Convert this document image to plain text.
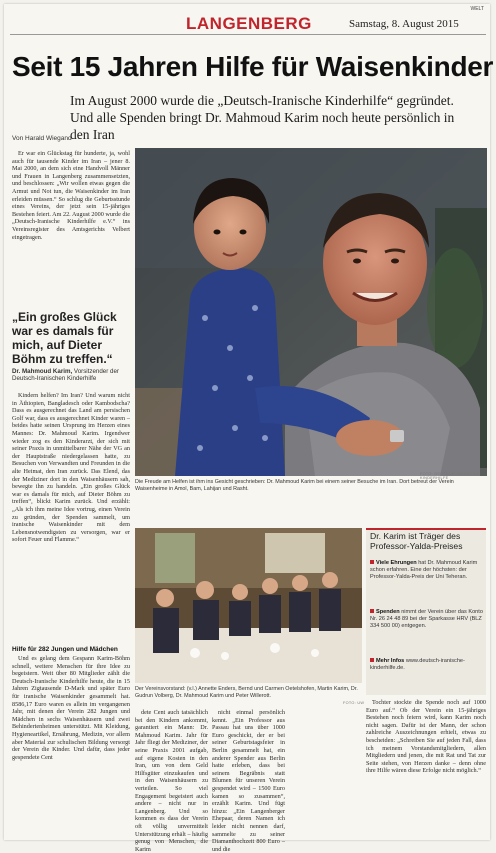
WELT
LANGENBERG	Samstag, 8. August 2015
Seit 15 Jahren Hilfe für Waisenkinder
Im August 2000 wurde die „Deutsch-Iranische Kinderhilfe“ gegründet. Und alle Spenden bringt Dr. Mahmoud Karim noch heute persönlich in den Iran
Von Harald Wiegand

Er war ein Glückstag für hunderte, ja, wohl auch für tausende Kinder im Iran – jener 8. Mai 2000, an dem sich eine Handvoll Männer und Frauen in Langenberg zusammensetzten, und beschlossen: „Wir wollen etwas gegen die Armut und Not tun, die Waisenkinder im Iran erleiden müssen.“ So schlug die Geburtsstunde eines Vereins, der jetzt sein 15-jähriges Bestehen feiert. Am 22. August 2000 wurde die „Deutsch-Iranische Kinderhilfe e.V.“ ins Vereinsregister des Amtsgerichts Velbert eingetragen.

„Ein großes Glück war es damals für mich, auf Dieter Böhm zu treffen.“
Dr. Mahmoud Karim, Vorsitzender der Deutsch-Iranischen Kinderhilfe

Kindern helfen? Im Iran? Und warum nicht in Äthiopien, Bangladesch oder Kambodscha? Dass es ausgerechnet das Land am persischen Golf war, dass es ausgerechnet Kinder waren – beides hatte seinen Ursprung im Herzen eines Mannes: Dr. Mahmoud Karim. Irgendwer wieder zog es den Kinderarzt, der sich mit seiner Praxis in unmittelbarer Nähe der VG an der Hauptstraße niedergelassen hatte, zu Besuchen von Verwandten und Freunden in die alte Heimat, den Iran zurück. Das Elend, das der Mediziner dort in den Waisenhäusern sah, bewegte ihn zu handeln. „Ein großes Glück war es damals für mich, auf Dieter Böhm zu treffen“, blickt Karim zurück. Und erzählt: „Als ich ihm meine Idee vortrug, einen Verein zu gründen, der Spenden sammelt, um iranische Waisenkinder mit dem Lebensnotwendigsten zu versorgen, war er sofort Feuer und Flamme.“

Hilfe für 282 Jungen und Mädchen

Und es gelang dem Gespann Karim-Böhm schnell, weitere Menschen für ihre Idee zu begeistern. Weit über 80 Mitglieder zählt die Deutsch-Iranische Kinderhilfe heute, die in 15 Jahren Zigtausende D-Mark und später Euro für iranische Waisenkinder gesammelt hat. 8586,17 Euro waren es allein im vergangenen Jahr, mit denen der Verein 282 Jungen und Mädchen in sechs Waisenhäusern und zwei Behindertenheimen unterstützt. Mit Kleidung, Hygieneartikel, Ernährung, Medizin, vor allem aber Material zur schulischen Bildung versorgt der Verein die Kinder. Und dafür, dass jeder gespendete Cent

Die Freude am Helfen ist ihm ins Gesicht geschrieben: Dr. Mahmoud Karim bei einem seiner Besuche im Iran. Dort betreut der Verein Waisenheime in Amol, Bam, Lahijan und Rasht.
FOTO: DEUTSCH-IRANISCHE KINDERHILFE
Der Vereinsvorstand: (v.l.) Annette Enders, Bernd und Carmen Oetelshofen, Martin Karim, Dr. Gudrun Volberg, Dr. Mahmoud Karim und Peter Willerott.
FOTO: UW
Dr. Karim ist Träger des Professor-Yalda-Preises
Viele Ehrungen hat Dr. Mahmoud Karim schon erfahren. Eine der höchsten: der Professor-Yalda-Preis der Uni Teheran.
Spenden nimmt der Verein über das Konto Nr. 26 24 48 89 bei der Sparkasse HRV (BLZ 334 500 00) entgegen.
Mehr Infos www.deutsch-iranische-kinderhilfe.de.

dete Cent auch tatsächlich bei den Kindern ankommt, garantiert ein Mann: Dr. Mahmoud Karim. Jahr für Jahr fliegt der Mediziner, der seine Praxis 2001 aufgab, auf eigene Kosten in den Iran, um von dem Geld Hilfsgüter einzukaufen und in den Waisenhäusern zu verteilen. So viel Engagement begeistert auch andere – nicht nur in Langenberg. Und so kommen es dass der Verein oft völlig unvermittelt Unterstützung erhält – häufig genug von Menschen, die Karim

nicht einmal persönlich kennt. „Ein Professor aus Passau hat uns über 1000 Euro geschickt, der er bei seiner Geburtstagsfeier in Berlin gesammelt hat, ein anderer Spender aus Berlin hatte erleben, dass bei seinem Begräbnis statt Blumen für unseren Verein gespendet wird – 1500 Euro kamen so zusammen“, erzählt Karim. Und fügt hinzu: „Ein Langenberger Ehepaar, deren Namen ich leider nicht nennen darf, sammelte zu seiner Diamanthochzeit 800 Euro – und die

Tochter stockte die Spende noch auf 1000 Euro auf.“ Ob der Verein ein 15-jähriges Bestehen noch feiern wird, kann Karim noch nicht sagen. Dafür ist der Mann, der schon zahlreiche Auszeichnungen erhielt, etwas zu bescheiden: „Schreiben Sie auf jeden Fall, dass ich meinem Vorstandsmitgliedern, allen Mitgliedern und jenen, die mit Rat und Tat zur Seite stehen, von Herzen danke – denn ohne ihre Hilfe wären diese Erfolge nicht möglich.“
